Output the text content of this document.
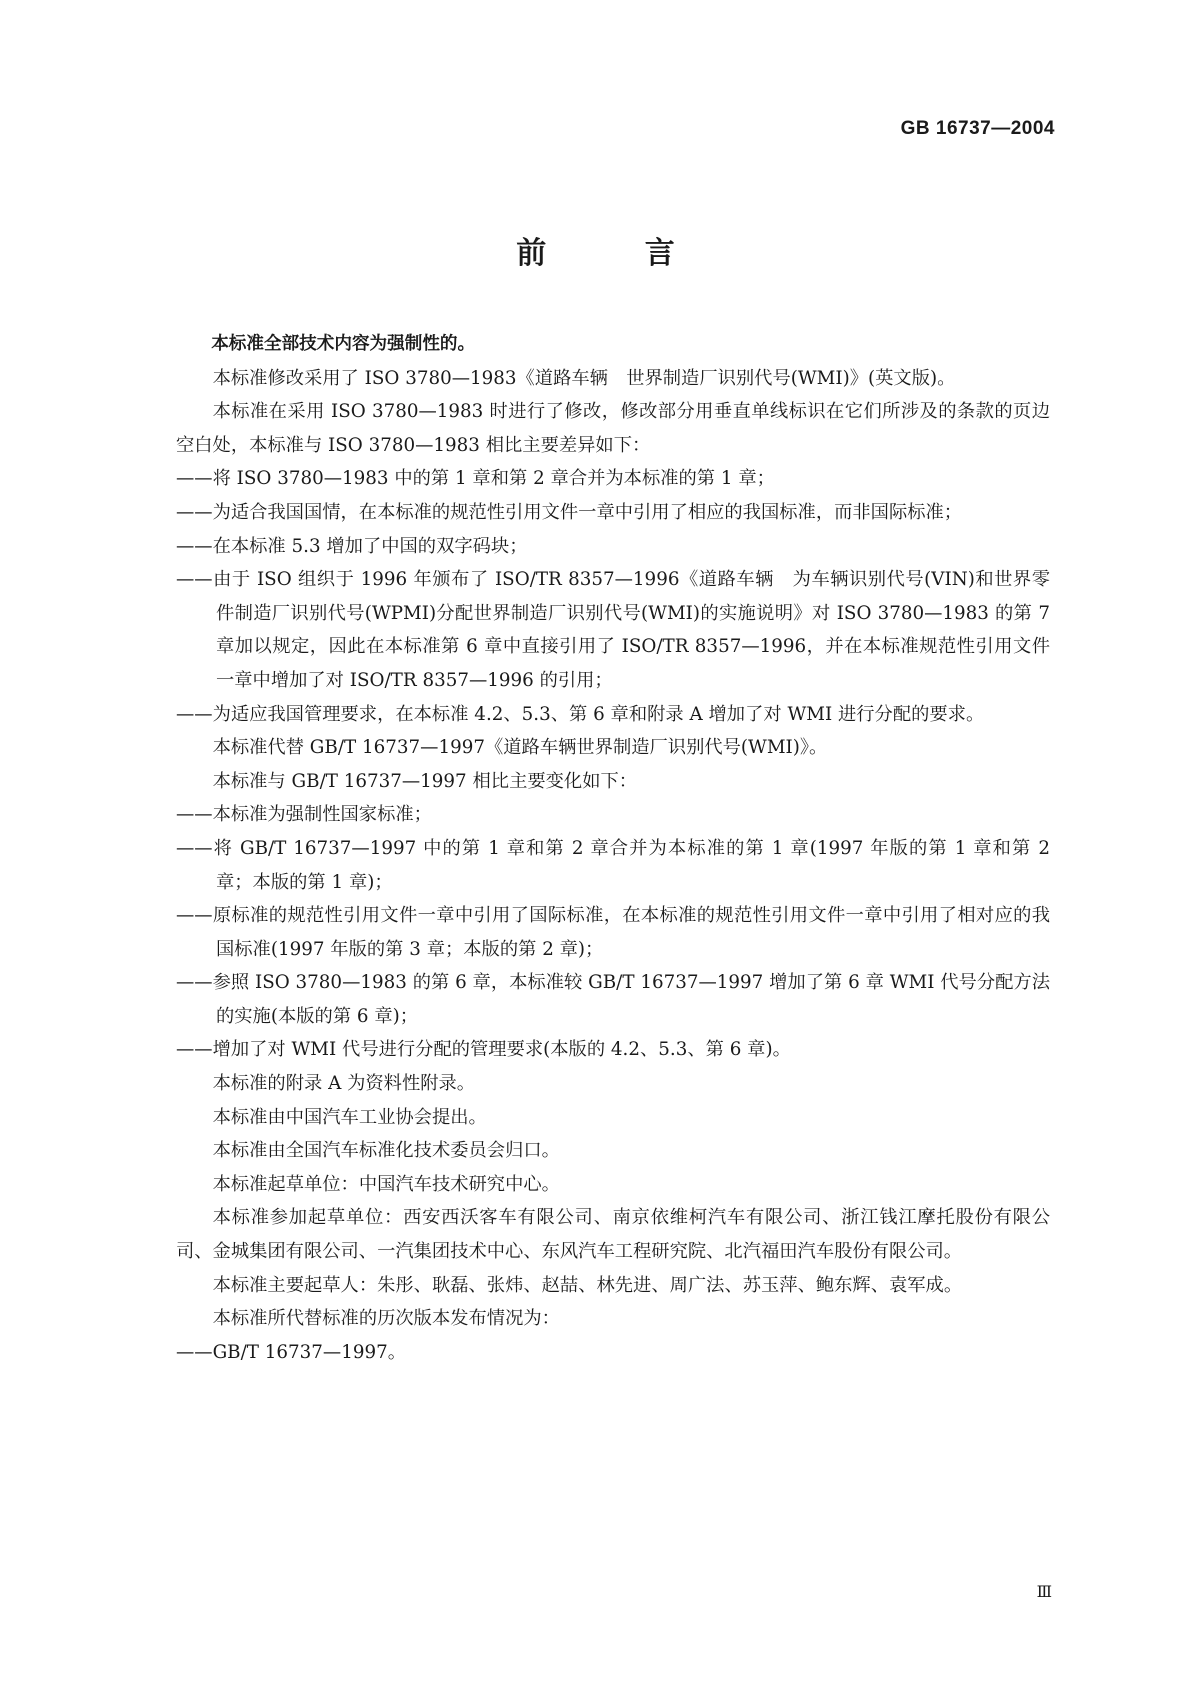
GB 16737—2004
前 言

本标准全部技术内容为强制性的。

本标准修改采用了 ISO 3780—1983《道路车辆　世界制造厂识别代号(WMI)》(英文版)。

本标准在采用 ISO 3780—1983 时进行了修改，修改部分用垂直单线标识在它们所涉及的条款的页边空白处，本标准与 ISO 3780—1983 相比主要差异如下：

——将 ISO 3780—1983 中的第 1 章和第 2 章合并为本标准的第 1 章；

——为适合我国国情，在本标准的规范性引用文件一章中引用了相应的我国标准，而非国际标准；

——在本标准 5.3 增加了中国的双字码块；

——由于 ISO 组织于 1996 年颁布了 ISO/TR 8357—1996《道路车辆　为车辆识别代号(VIN)和世界零件制造厂识别代号(WPMI)分配世界制造厂识别代号(WMI)的实施说明》对 ISO 3780—1983 的第 7 章加以规定，因此在本标准第 6 章中直接引用了 ISO/TR 8357—1996，并在本标准规范性引用文件一章中增加了对 ISO/TR 8357—1996 的引用；

——为适应我国管理要求，在本标准 4.2、5.3、第 6 章和附录 A 增加了对 WMI 进行分配的要求。

本标准代替 GB/T 16737—1997《道路车辆世界制造厂识别代号(WMI)》。

本标准与 GB/T 16737—1997 相比主要变化如下：

——本标准为强制性国家标准；

——将 GB/T 16737—1997 中的第 1 章和第 2 章合并为本标准的第 1 章(1997 年版的第 1 章和第 2 章；本版的第 1 章)；

——原标准的规范性引用文件一章中引用了国际标准，在本标准的规范性引用文件一章中引用了相对应的我国标准(1997 年版的第 3 章；本版的第 2 章)；

——参照 ISO 3780—1983 的第 6 章，本标准较 GB/T 16737—1997 增加了第 6 章 WMI 代号分配方法的实施(本版的第 6 章)；

——增加了对 WMI 代号进行分配的管理要求(本版的 4.2、5.3、第 6 章)。

本标准的附录 A 为资料性附录。

本标准由中国汽车工业协会提出。

本标准由全国汽车标准化技术委员会归口。

本标准起草单位：中国汽车技术研究中心。

本标准参加起草单位：西安西沃客车有限公司、南京依维柯汽车有限公司、浙江钱江摩托股份有限公司、金城集团有限公司、一汽集团技术中心、东风汽车工程研究院、北汽福田汽车股份有限公司。

本标准主要起草人：朱彤、耿磊、张炜、赵喆、林先进、周广法、苏玉萍、鲍东辉、袁军成。

本标准所代替标准的历次版本发布情况为：

——GB/T 16737—1997。

Ⅲ
